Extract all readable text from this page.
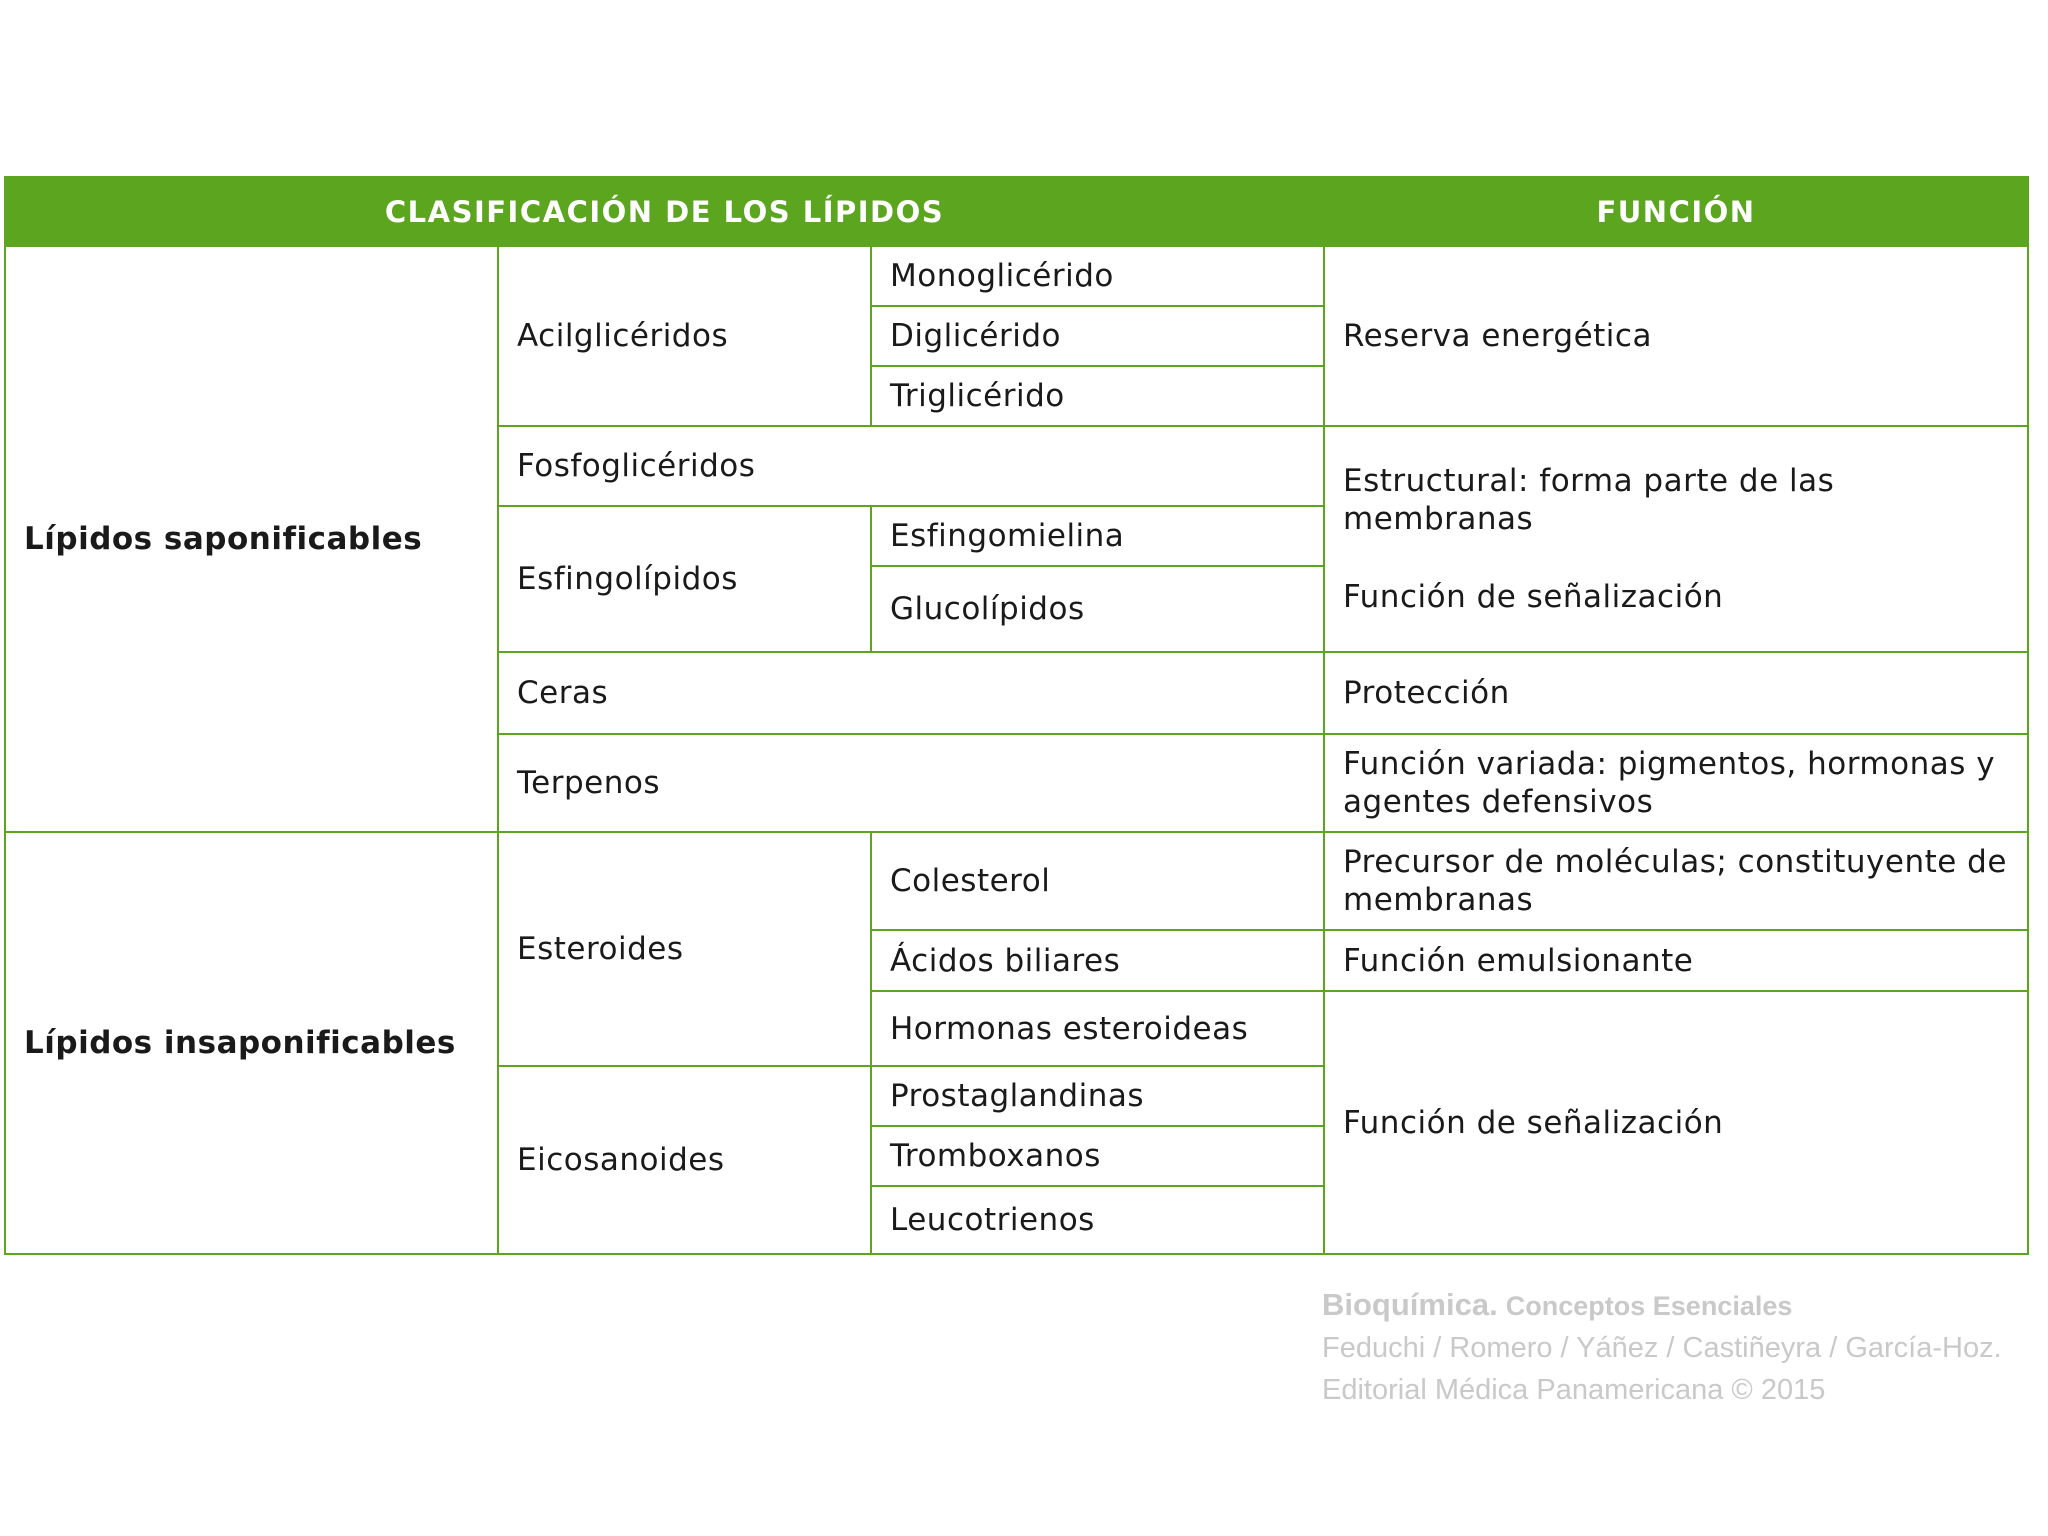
CLASIFICACIÓN DE LOS LÍPIDOS			FUNCIÓN
Lípidos saponificables	Acilglicéridos	Monoglicérido	Reserva energética
		Diglicérido	
		Triglicérido	
	Fosfoglicéridos		Estructural: forma parte de las membranas
Función de señalización

	Esfingolípidos	Esfingomielina	
		Glucolípidos	
	Ceras		Protección
	Terpenos		Función variada: pigmentos, hormonas y
agentes defensivos

Lípidos insaponificables	Esteroides	Colesterol	Precursor de moléculas; constituyente de
membranas

		Ácidos biliares	Función emulsionante
		Hormonas esteroideas	Función de señalización
	Eicosanoides	Prostaglandinas	
		Tromboxanos	
		Leucotrienos	
Bioquímica. Conceptos Esenciales
Feduchi / Romero / Yáñez / Castiñeyra / García-Hoz.
Editorial Médica Panamericana © 2015
